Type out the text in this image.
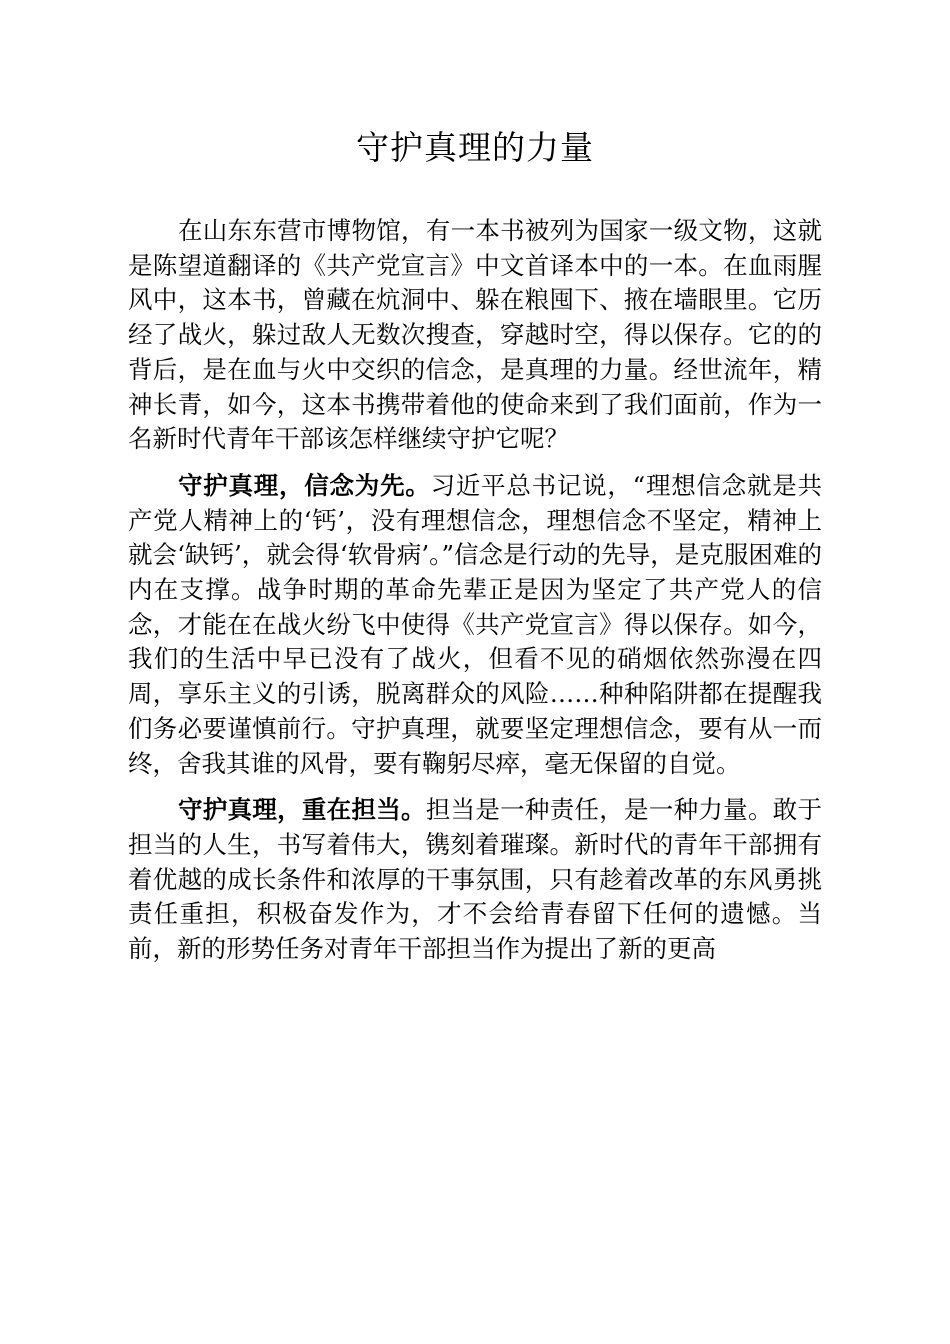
守护真理的力量

在山东东营市博物馆，有一本书被列为国家一级文物，这就是陈望道翻译的《共产党宣言》中文首译本中的一本。在血雨腥风中，这本书，曾藏在炕洞中、躲在粮囤下、掖在墙眼里。它历经了战火，躲过敌人无数次搜查，穿越时空，得以保存。它的的背后，是在血与火中交织的信念，是真理的力量。经世流年，精神长青，如今，这本书携带着他的使命来到了我们面前，作为一名新时代青年干部该怎样继续守护它呢？

守护真理，信念为先。习近平总书记说，“理想信念就是共产党人精神上的‘钙’，没有理想信念，理想信念不坚定，精神上就会‘缺钙’，就会得‘软骨病’。”信念是行动的先导，是克服困难的内在支撑。战争时期的革命先辈正是因为坚定了共产党人的信念，才能在在战火纷飞中使得《共产党宣言》得以保存。如今，我们的生活中早已没有了战火，但看不见的硝烟依然弥漫在四周，享乐主义的引诱，脱离群众的风险……种种陷阱都在提醒我们务必要谨慎前行。守护真理，就要坚定理想信念，要有从一而终，舍我其谁的风骨，要有鞠躬尽瘁，毫无保留的自觉。

守护真理，重在担当。担当是一种责任，是一种力量。敢于担当的人生，书写着伟大，镌刻着璀璨。新时代的青年干部拥有着优越的成长条件和浓厚的干事氛围，只有趁着改革的东风勇挑责任重担，积极奋发作为，才不会给青春留下任何的遗憾。当前，新的形势任务对青年干部担当作为提出了新的更高
